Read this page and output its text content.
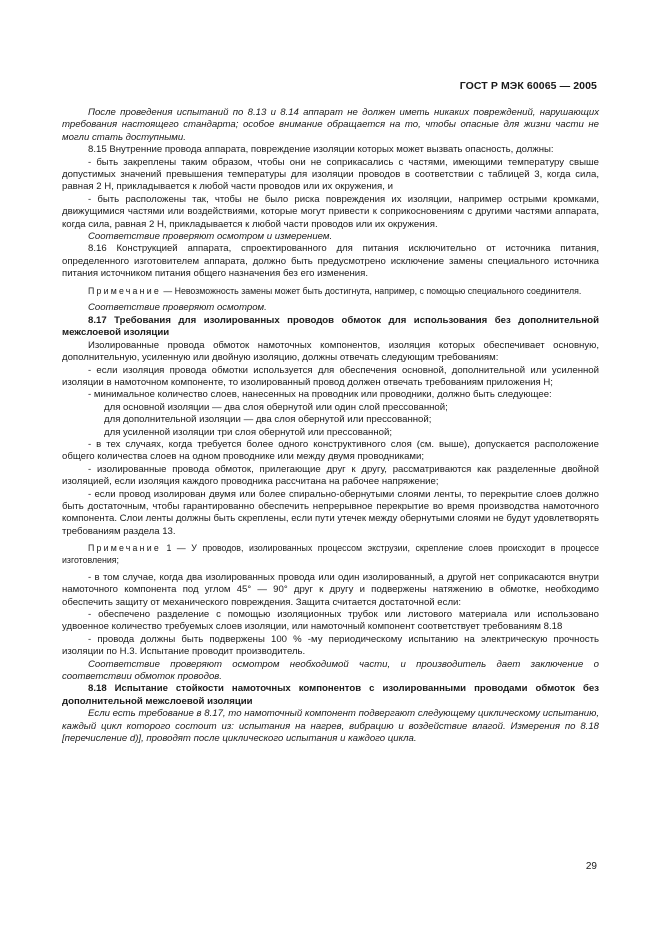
ГОСТ Р МЭК 60065 — 2005

После проведения испытаний по 8.13 и 8.14 аппарат не должен иметь никаких повреждений, нарушающих требования настоящего стандарта; особое внимание обращается на то, чтобы опасные для жизни части не могли стать доступными.

8.15 Внутренние провода аппарата, повреждение изоляции которых может вызвать опасность, должны:

- быть закреплены таким образом, чтобы они не соприкасались с частями, имеющими температуру свыше допустимых значений превышения температуры для изоляции проводов в соответствии с таблицей 3, когда сила, равная 2 Н, прикладывается к любой части проводов или их окружения, и

- быть расположены так, чтобы не было риска повреждения их изоляции, например острыми кромками, движущимися частями или воздействиями, которые могут привести к соприкосновениям с другими частями аппарата, когда сила, равная 2 Н, прикладывается к любой части проводов или их окружения.

Соответствие проверяют осмотром и измерением.

8.16 Конструкцией аппарата, спроектированного для питания исключительно от источника питания, определенного изготовителем аппарата, должно быть предусмотрено исключение замены специального источника питания источником питания общего назначения без его изменения.

Примечание — Невозможность замены может быть достигнута, например, с помощью специального соединителя.

Соответствие проверяют осмотром.

8.17 Требования для изолированных проводов обмоток для использования без дополнительной межслоевой изоляции

Изолированные провода обмоток намоточных компонентов, изоляция которых обеспечивает основную, дополнительную, усиленную или двойную изоляцию, должны отвечать следующим требованиям:

- если изоляция провода обмотки используется для обеспечения основной, дополнительной или усиленной изоляции в намоточном компоненте, то изолированный провод должен отвечать требованиям приложения Н;

- минимальное количество слоев, нанесенных на проводник или проводники, должно быть следующее:

для основной изоляции — два слоя обернутой или один слой прессованной;

для дополнительной изоляции — два слоя обернутой или прессованной;

для усиленной изоляции три слоя обернутой или прессованной;

- в тех случаях, когда требуется более одного конструктивного слоя (см. выше), допускается расположение общего количества слоев на одном проводнике или между двумя проводниками;

- изолированные провода обмоток, прилегающие друг к другу, рассматриваются как разделенные двойной изоляцией, если изоляция каждого проводника рассчитана на рабочее напряжение;

- если провод изолирован двумя или более спирально-обернутыми слоями ленты, то перекрытие слоев должно быть достаточным, чтобы гарантированно обеспечить непрерывное перекрытие во время производства намоточного компонента. Слои ленты должны быть скреплены, если пути утечек между обернутыми слоями не будут удовлетворять требованиям раздела 13.

Примечание 1 — У проводов, изолированных процессом экструзии, скрепление слоев происходит в процессе изготовления;

- в том случае, когда два изолированных провода или один изолированный, а другой нет соприкасаются внутри намоточного компонента под углом 45° — 90° друг к другу и подвержены натяжению в обмотке, необходимо обеспечить защиту от механического повреждения. Защита считается достаточной если:

- обеспечено разделение с помощью изоляционных трубок или листового материала или использовано удвоенное количество требуемых слоев изоляции, или намоточный компонент соответствует требованиям 8.18

- провода должны быть подвержены 100 % -му периодическому испытанию на электрическую прочность изоляции по Н.3. Испытание проводит производитель.

Соответствие проверяют осмотром необходимой части, и производитель дает заключение о соответствии обмоток проводов.

8.18 Испытание стойкости намоточных компонентов с изолированными проводами обмоток без дополнительной межслоевой изоляции

Если есть требование в 8.17, то намоточный компонент подвергают следующему циклическому испытанию, каждый цикл которого состоит из: испытания на нагрев, вибрацию и воздействие влагой. Измерения по 8.18 [перечисление d)], проводят после циклического испытания и каждого цикла.

29
